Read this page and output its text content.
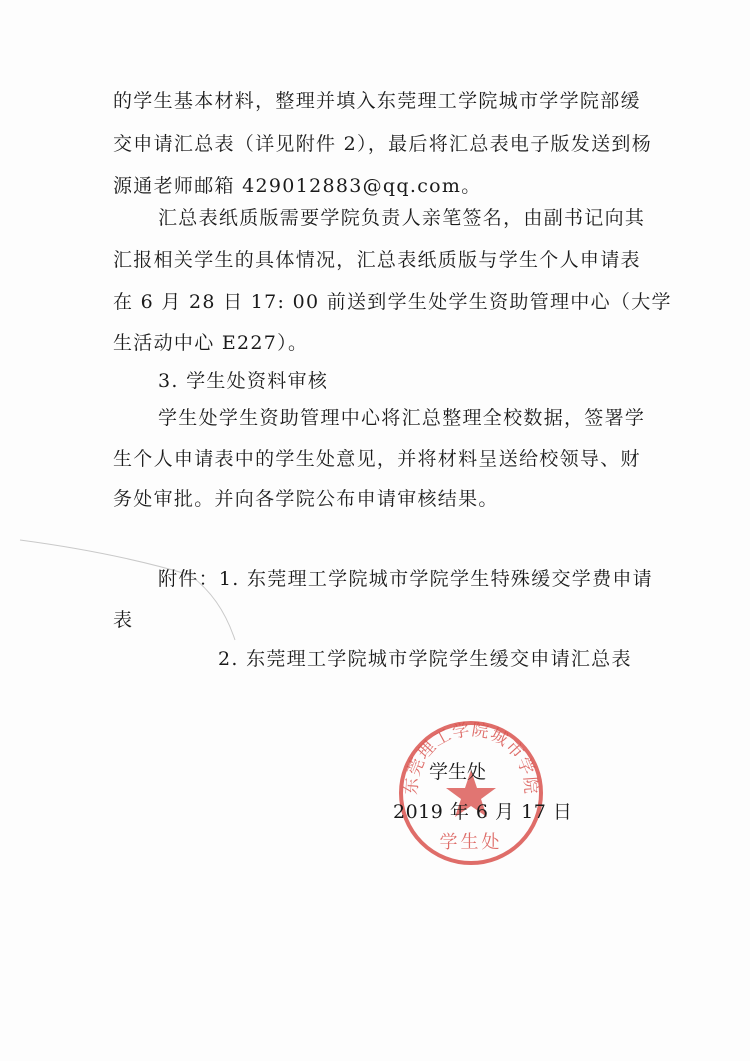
的学生基本材料，整理并填入东莞理工学院城市学学院部缓
交申请汇总表（详见附件 2），最后将汇总表电子版发送到杨
源通老师邮箱 429012883@qq.com。
汇总表纸质版需要学院负责人亲笔签名，由副书记向其
汇报相关学生的具体情况，汇总表纸质版与学生个人申请表
在 6 月 28 日 17: 00 前送到学生处学生资助管理中心（大学
生活动中心 E227）。
3. 学生处资料审核
学生处学生资助管理中心将汇总整理全校数据，签署学
生个人申请表中的学生处意见，并将材料呈送给校领导、财
务处审批。并向各学院公布申请审核结果。
附件：1. 东莞理工学院城市学院学生特殊缓交学费申请
表
2. 东莞理工学院城市学院学生缓交申请汇总表
东莞理工学院城市学院
学生处
学生处
2019 年 6 月 17 日
